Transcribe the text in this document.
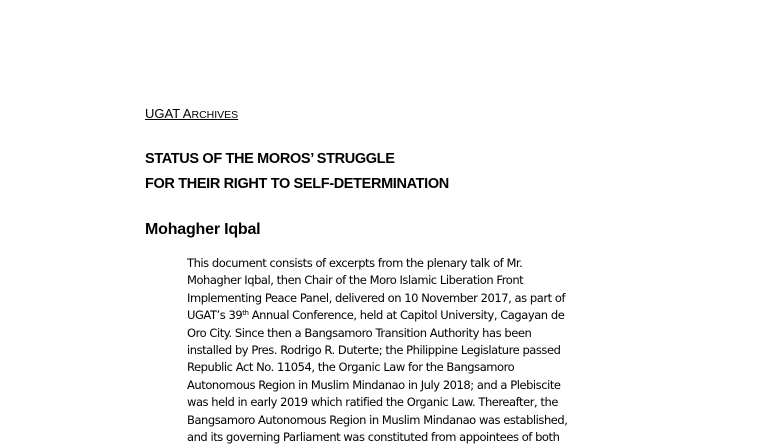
UGAT ARCHIVES
STATUS OF THE MOROS’ STRUGGLE
FOR THEIR RIGHT TO SELF-DETERMINATION
Mohagher Iqbal
This document consists of excerpts from the plenary talk of Mr.
Mohagher Iqbal, then Chair of the Moro Islamic Liberation Front
Implementing Peace Panel, delivered on 10 November 2017, as part of
UGAT’s 39th Annual Conference, held at Capitol University, Cagayan de
Oro City. Since then a Bangsamoro Transition Authority has been
installed by Pres. Rodrigo R. Duterte; the Philippine Legislature passed
Republic Act No. 11054, the Organic Law for the Bangsamoro
Autonomous Region in Muslim Mindanao in July 2018; and a Plebiscite
was held in early 2019 which ratified the Organic Law. Thereafter, the
Bangsamoro Autonomous Region in Muslim Mindanao was established,
and its governing Parliament was constituted from appointees of both
